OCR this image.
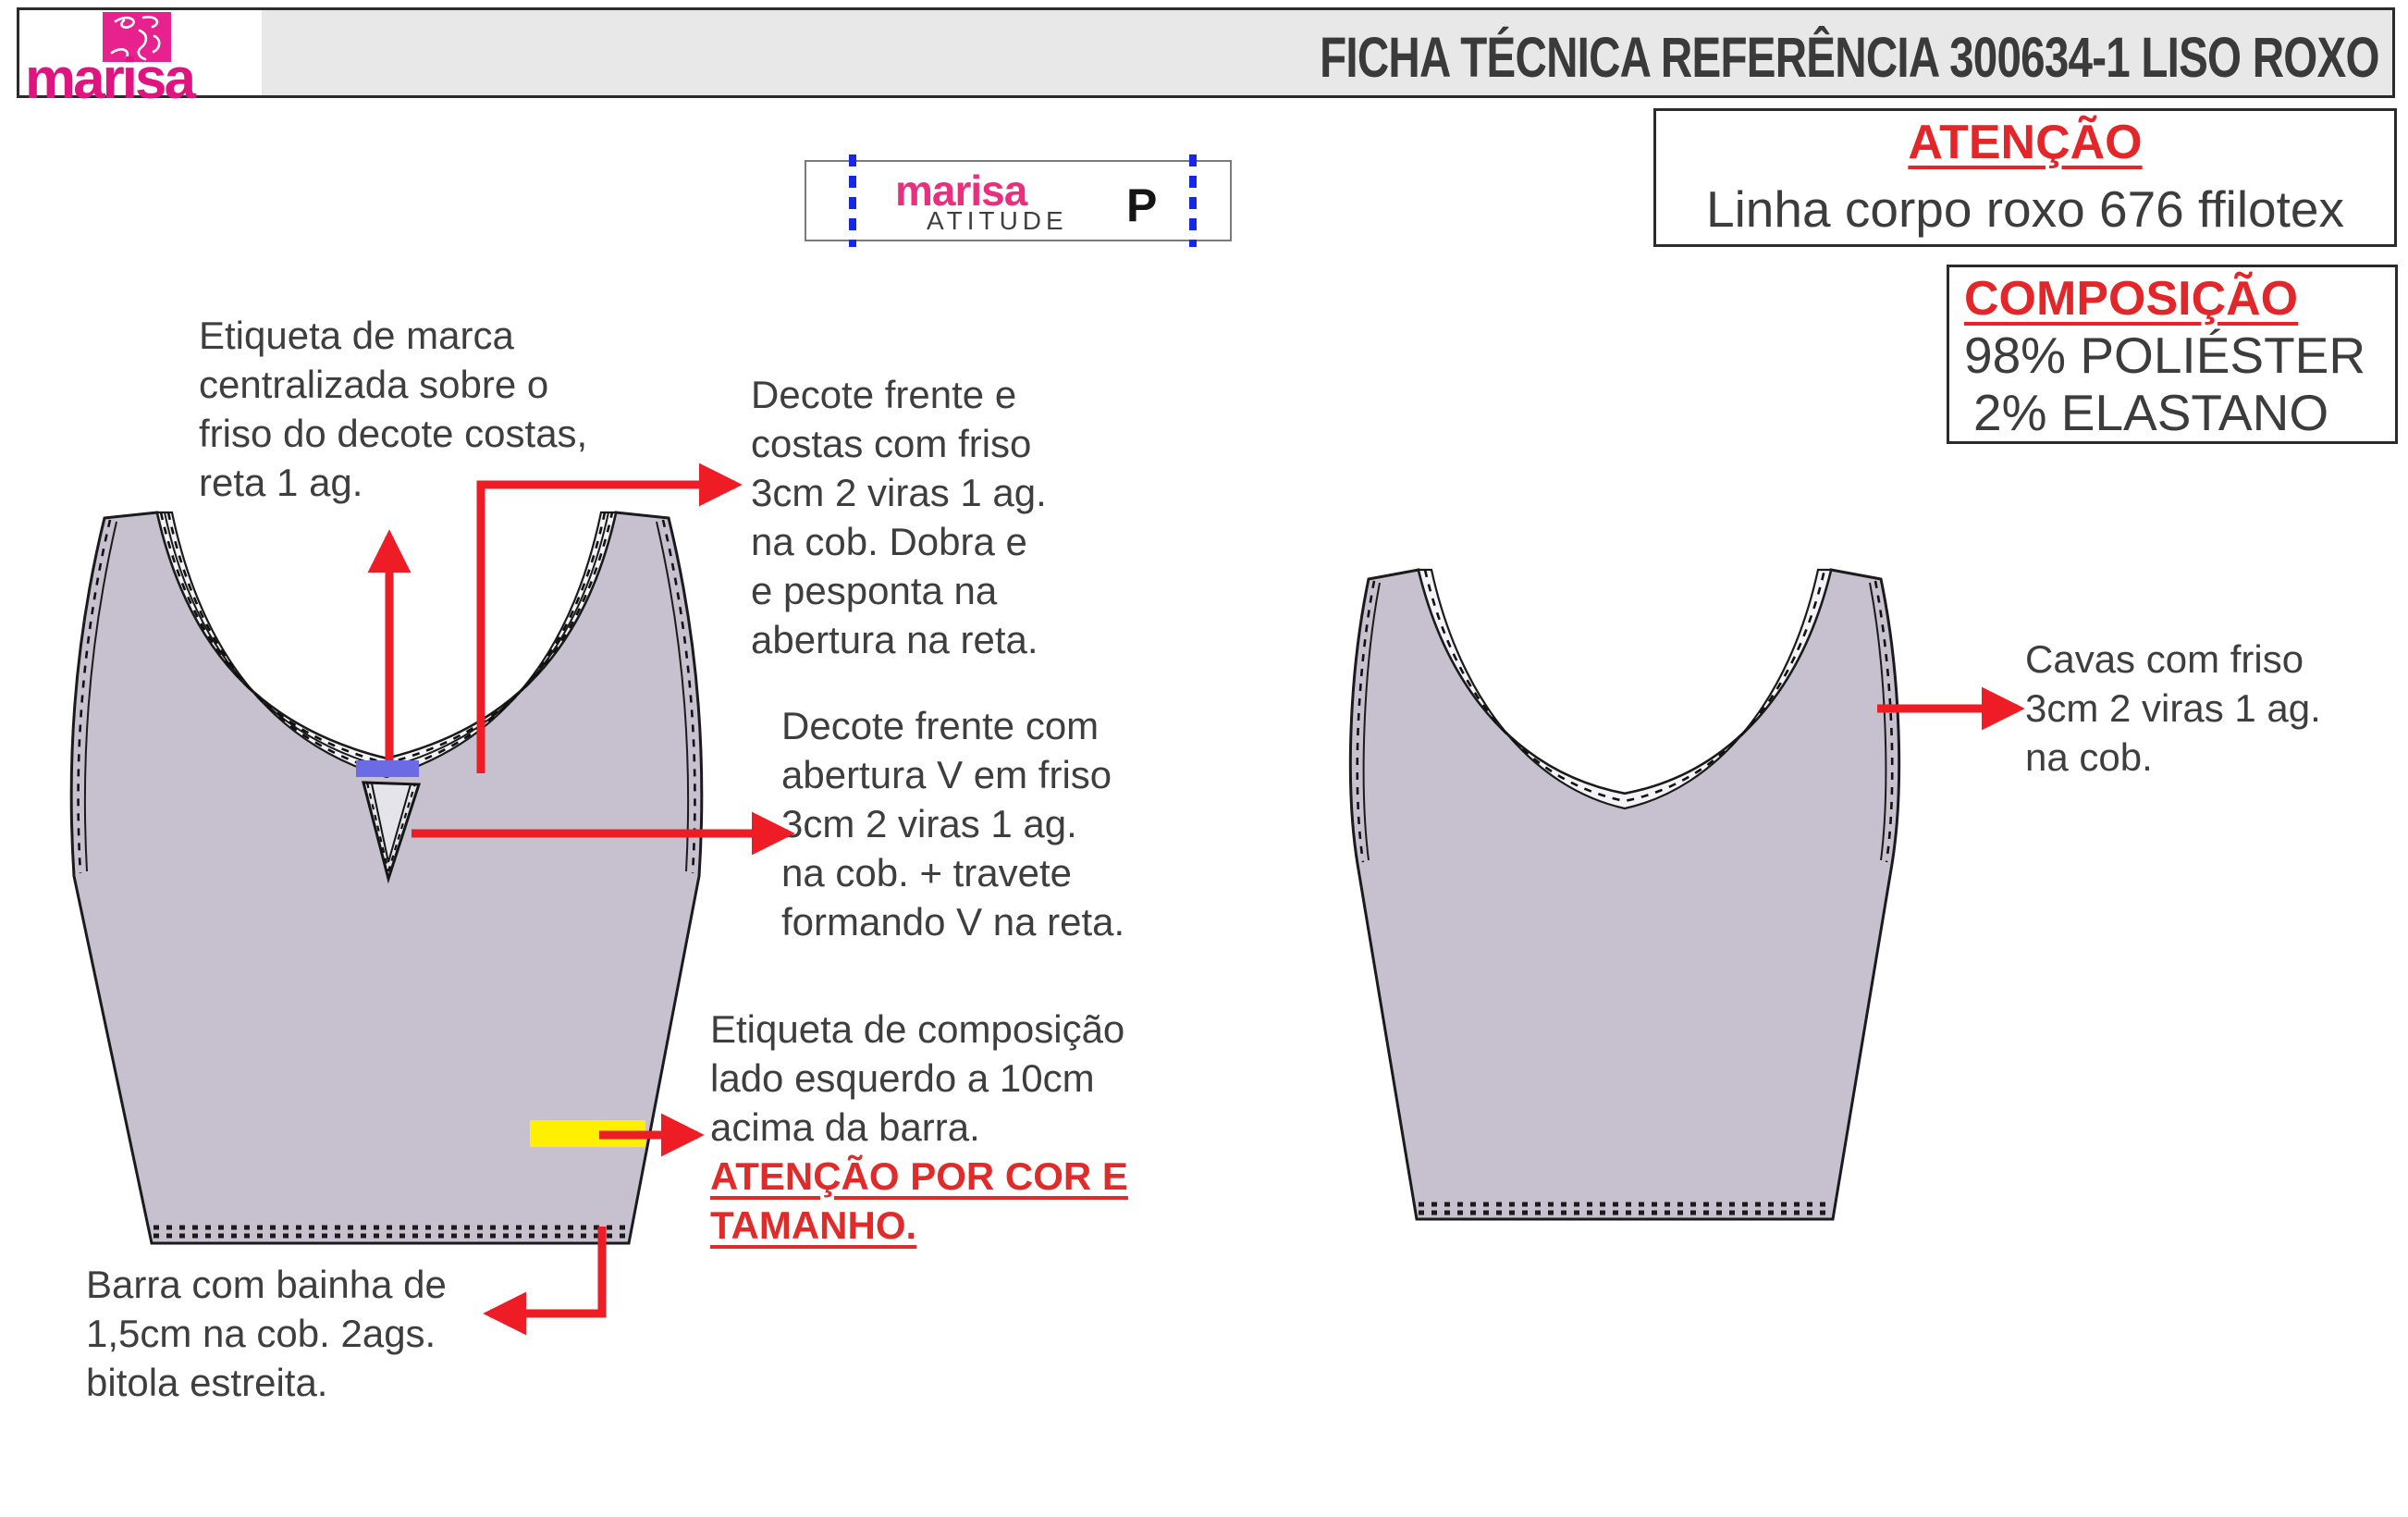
marisa	FICHA TÉCNICA REFERÊNCIA 300634-1 LISO ROXO
marisa
ATITUDE P
ATENÇÃO
Linha corpo roxo 676 ffilotex
COMPOSIÇÃO
98% POLIÉSTER
2% ELASTANO
Etiqueta de marca
centralizada sobre o
friso do decote costas,
reta 1 ag.
Decote frente e
costas com friso
3cm 2 viras 1 ag.
na cob. Dobra e
e pesponta na
abertura na reta.
Decote frente com
abertura V em friso
3cm 2 viras 1 ag.
na cob. + travete
formando V na reta.
Etiqueta de composição
lado esquerdo a 10cm
acima da barra.
ATENÇÃO POR COR E
TAMANHO.
Barra com bainha de
1,5cm na cob. 2ags.
bitola estreita.
Cavas com friso
3cm 2 viras 1 ag.
na cob.
